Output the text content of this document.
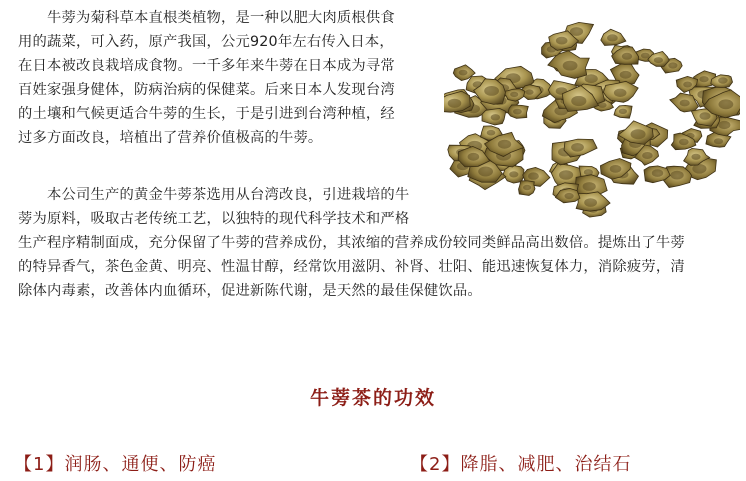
　　牛蒡为菊科草本直根类植物，是一种以肥大肉质根供食
用的蔬菜，可入药，原产我国，公元920年左右传入日本，
在日本被改良栽培成食物。一千多年来牛蒡在日本成为寻常
百姓家强身健体，防病治病的保健菜。后来日本人发现台湾
的土壤和气候更适合牛蒡的生长，于是引进到台湾种植，经
过多方面改良，培植出了营养价值极高的牛蒡。
　　本公司生产的黄金牛蒡茶选用从台湾改良，引进栽培的牛
蒡为原料，吸取古老传统工艺，以独特的现代科学技术和严格
生产程序精制面成，充分保留了牛蒡的营养成份，其浓缩的营养成份较同类鲜品高出数倍。提炼出了牛蒡
的特异香气，茶色金黄、明亮、性温甘醇，经常饮用滋阴、补肾、壮阳、能迅速恢复体力，消除疲劳，清
除体内毒素，改善体内血循环，促进新陈代谢，是天然的最佳保健饮品。
牛蒡茶的功效

【1】润肠、通便、防癌	【2】降脂、减肥、治结石
